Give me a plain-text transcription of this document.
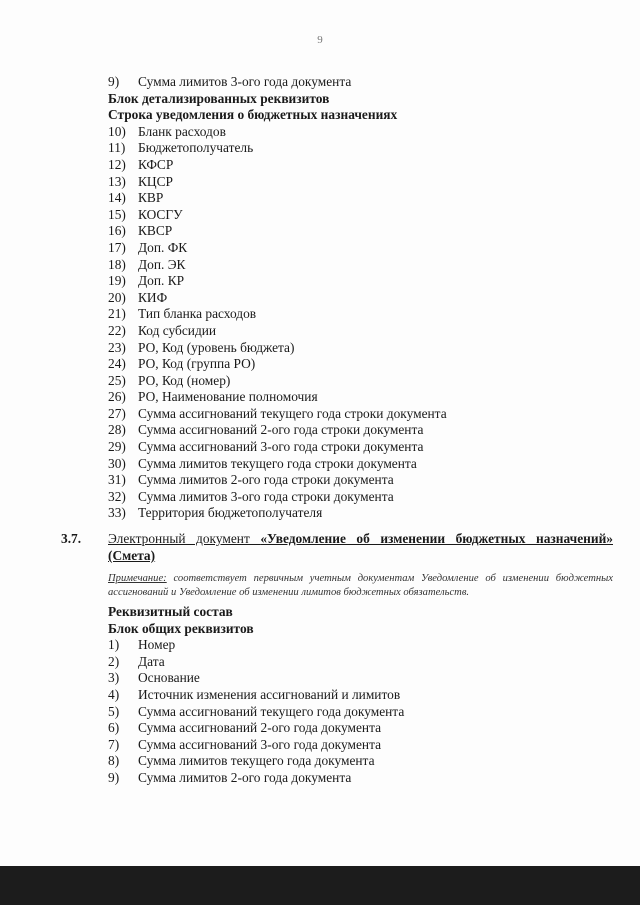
9
9) Сумма лимитов 3-ого года документа
Блок детализированных реквизитов
Строка уведомления о бюджетных назначениях
10) Бланк расходов
11) Бюджетополучатель
12) КФСР
13) КЦСР
14) КВР
15) КОСГУ
16) КВСР
17) Доп. ФК
18) Доп. ЭК
19) Доп. КР
20) КИФ
21) Тип бланка расходов
22) Код субсидии
23) РО, Код (уровень бюджета)
24) РО, Код (группа РО)
25) РО, Код (номер)
26) РО, Наименование полномочия
27) Сумма ассигнований текущего года строки документа
28) Сумма ассигнований 2-ого года строки документа
29) Сумма ассигнований 3-ого года строки документа
30) Сумма лимитов текущего года строки документа
31) Сумма лимитов 2-ого года строки документа
32) Сумма лимитов 3-ого года строки документа
33) Территория бюджетополучателя
3.7. Электронный документ «Уведомление об изменении бюджетных назначений» (Смета)
Примечание: соответствует первичным учетным документам Уведомление об изменении бюджетных ассигнований и Уведомление об изменении лимитов бюджетных обязательств.
Реквизитный состав
Блок общих реквизитов
1) Номер
2) Дата
3) Основание
4) Источник изменения ассигнований и лимитов
5) Сумма ассигнований текущего года документа
6) Сумма ассигнований 2-ого года документа
7) Сумма ассигнований 3-ого года документа
8) Сумма лимитов текущего года документа
9) Сумма лимитов 2-ого года документа
